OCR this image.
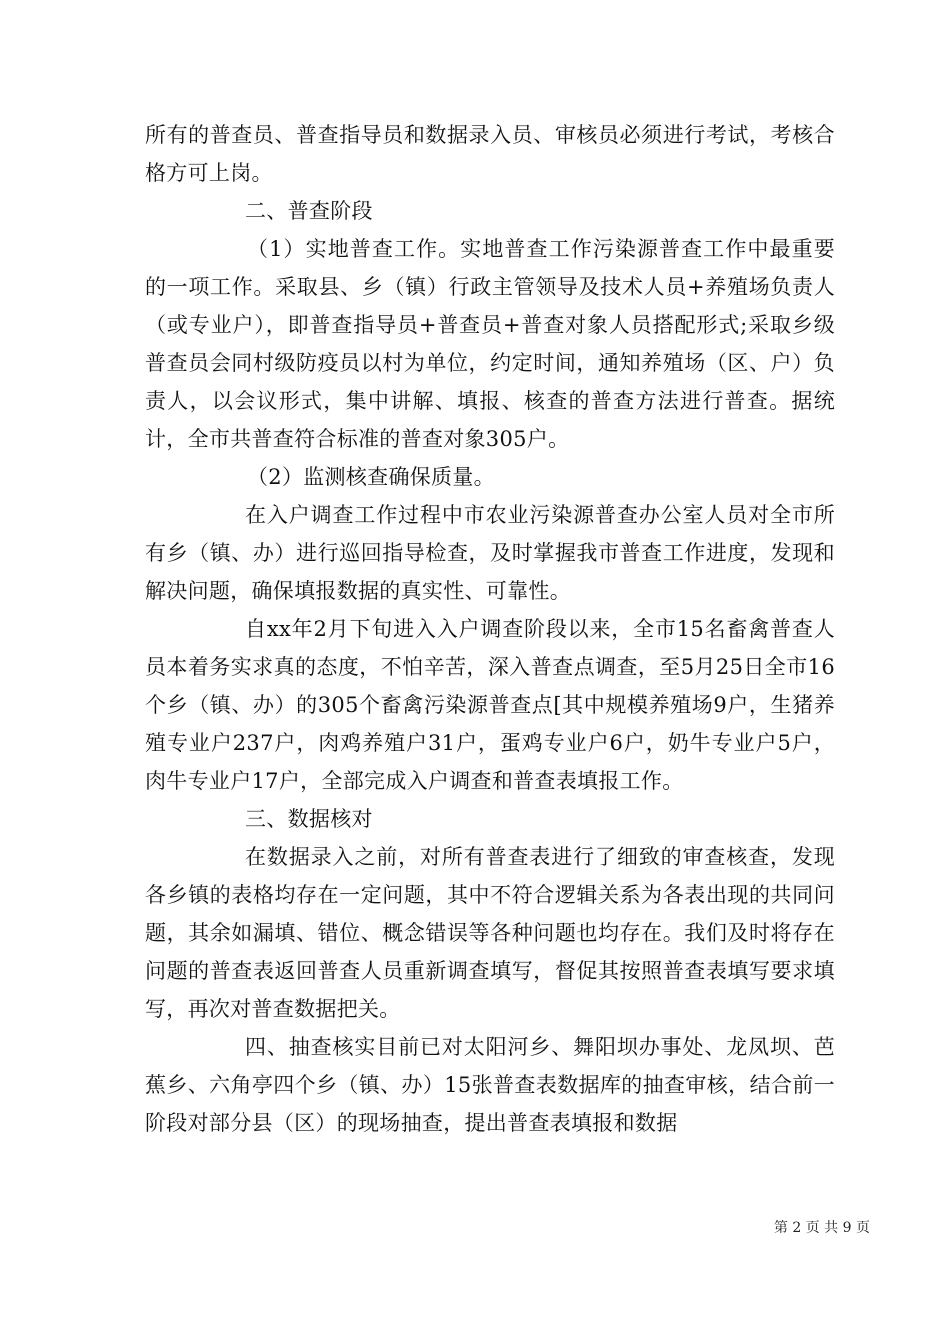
所有的普查员、普查指导员和数据录入员、审核员必须进行考试，考核合格方可上岗。

二、普查阶段

（1）实地普查工作。实地普查工作污染源普查工作中最重要的一项工作。采取县、乡（镇）行政主管领导及技术人员+养殖场负责人（或专业户），即普查指导员+普查员+普查对象人员搭配形式;采取乡级普查员会同村级防疫员以村为单位，约定时间，通知养殖场（区、户）负责人，以会议形式，集中讲解、填报、核查的普查方法进行普查。据统计，全市共普查符合标准的普查对象305户。

（2）监测核查确保质量。

在入户调查工作过程中市农业污染源普查办公室人员对全市所有乡（镇、办）进行巡回指导检查，及时掌握我市普查工作进度，发现和解决问题，确保填报数据的真实性、可靠性。

自xx年2月下旬进入入户调查阶段以来，全市15名畜禽普查人员本着务实求真的态度，不怕辛苦，深入普查点调查，至5月25日全市16个乡（镇、办）的305个畜禽污染源普查点[其中规模养殖场9户，生猪养殖专业户237户，肉鸡养殖户31户，蛋鸡专业户6户，奶牛专业户5户，肉牛专业户17户，全部完成入户调查和普查表填报工作。

三、数据核对

在数据录入之前，对所有普查表进行了细致的审查核查，发现各乡镇的表格均存在一定问题，其中不符合逻辑关系为各表出现的共同问题，其余如漏填、错位、概念错误等各种问题也均存在。我们及时将存在问题的普查表返回普查人员重新调查填写，督促其按照普查表填写要求填写，再次对普查数据把关。

四、抽查核实目前已对太阳河乡、舞阳坝办事处、龙凤坝、芭蕉乡、六角亭四个乡（镇、办）15张普查表数据库的抽查审核，结合前一阶段对部分县（区）的现场抽查，提出普查表填报和数据

第 2 页 共 9 页
